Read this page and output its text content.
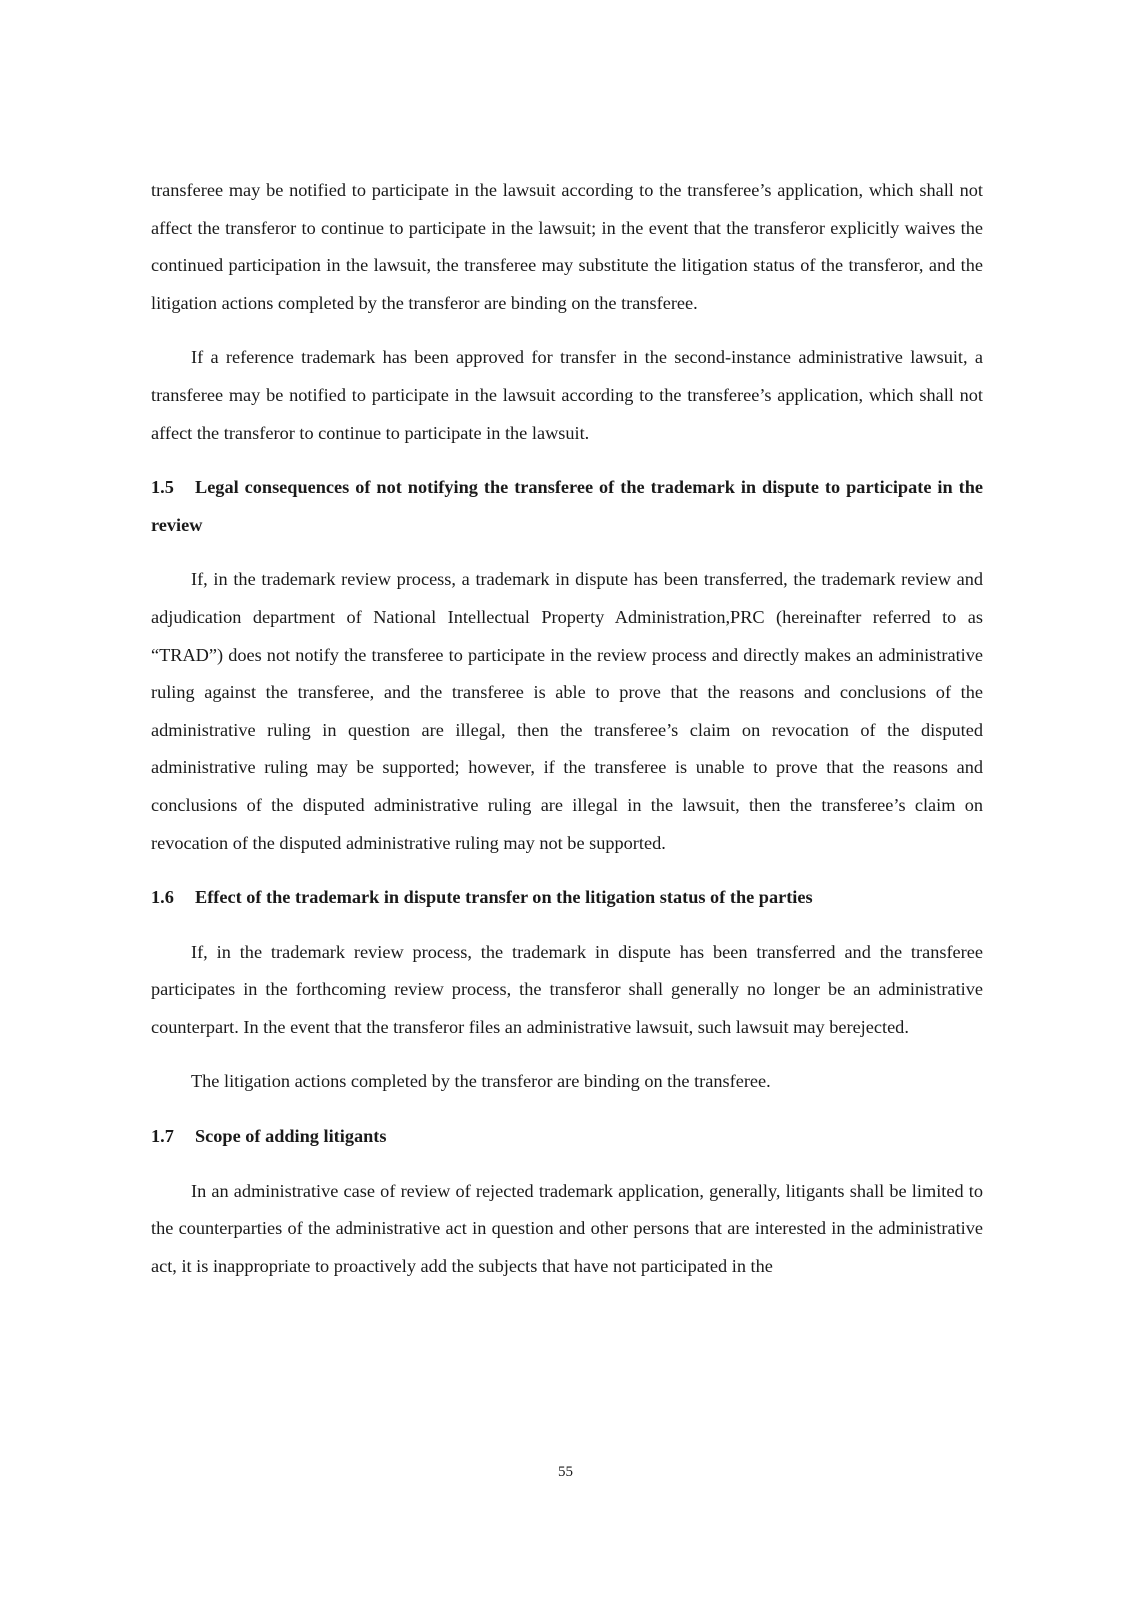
transferee may be notified to participate in the lawsuit according to the transferee’s application, which shall not affect the transferor to continue to participate in the lawsuit; in the event that the transferor explicitly waives the continued participation in the lawsuit, the transferee may substitute the litigation status of the transferor, and the litigation actions completed by the transferor are binding on the transferee.

If a reference trademark has been approved for transfer in the second-instance administrative lawsuit, a transferee may be notified to participate in the lawsuit according to the transferee’s application, which shall not affect the transferor to continue to participate in the lawsuit.

1.5 Legal consequences of not notifying the transferee of the trademark in dispute to participate in the review

If, in the trademark review process, a trademark in dispute has been transferred, the trademark review and adjudication department of National Intellectual Property Administration,PRC (hereinafter referred to as “TRAD”) does not notify the transferee to participate in the review process and directly makes an administrative ruling against the transferee, and the transferee is able to prove that the reasons and conclusions of the administrative ruling in question are illegal, then the transferee’s claim on revocation of the disputed administrative ruling may be supported; however, if the transferee is unable to prove that the reasons and conclusions of the disputed administrative ruling are illegal in the lawsuit, then the transferee’s claim on revocation of the disputed administrative ruling may not be supported.

1.6 Effect of the trademark in dispute transfer on the litigation status of the parties

If, in the trademark review process, the trademark in dispute has been transferred and the transferee participates in the forthcoming review process, the transferor shall generally no longer be an administrative counterpart. In the event that the transferor files an administrative lawsuit, such lawsuit may berejected.

The litigation actions completed by the transferor are binding on the transferee.

1.7 Scope of adding litigants

In an administrative case of review of rejected trademark application, generally, litigants shall be limited to the counterparties of the administrative act in question and other persons that are interested in the administrative act, it is inappropriate to proactively add the subjects that have not participated in the

55
